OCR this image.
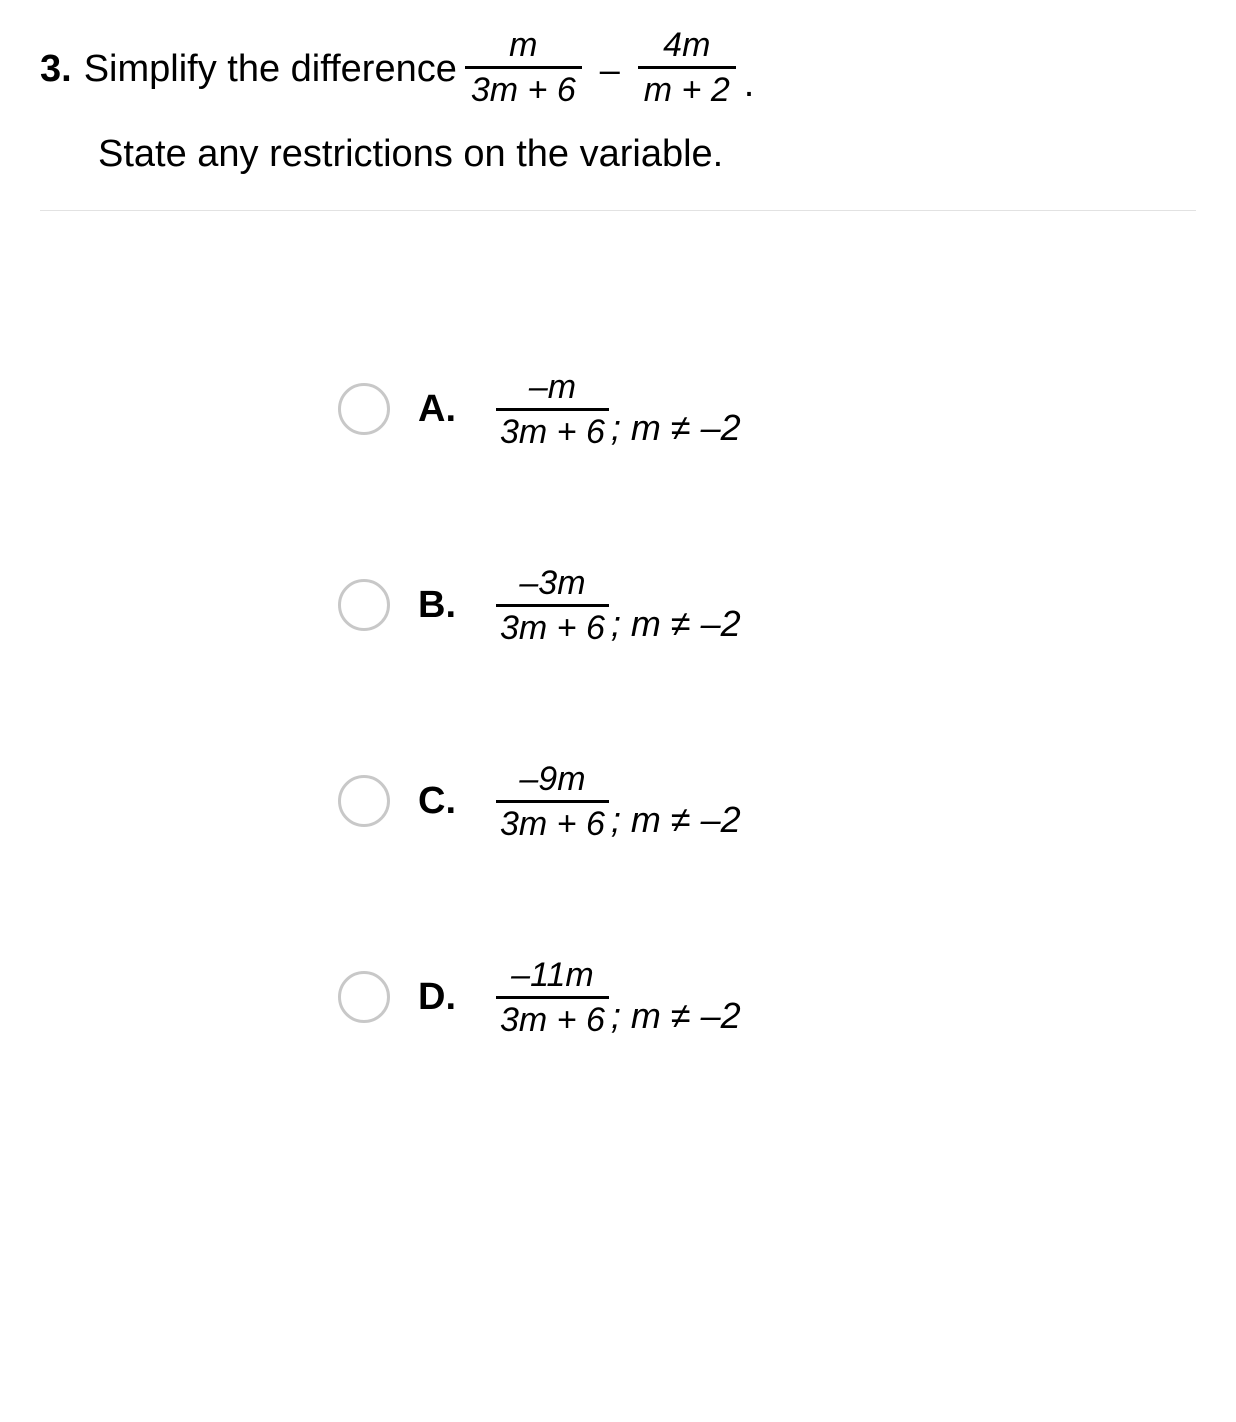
3. Simplify the difference $\frac{m}{3m + 6} - \frac{4m}{m + 2}$ .
State any restrictions on the variable.
A.	$\frac{-m}{3m + 6}$ ; m ≠ –2
B.	$\frac{-3m}{3m + 6}$ ; m ≠ –2
C.	$\frac{-9m}{3m + 6}$ ; m ≠ –2
D.	$\frac{-11m}{3m + 6}$ ; m ≠ –2
